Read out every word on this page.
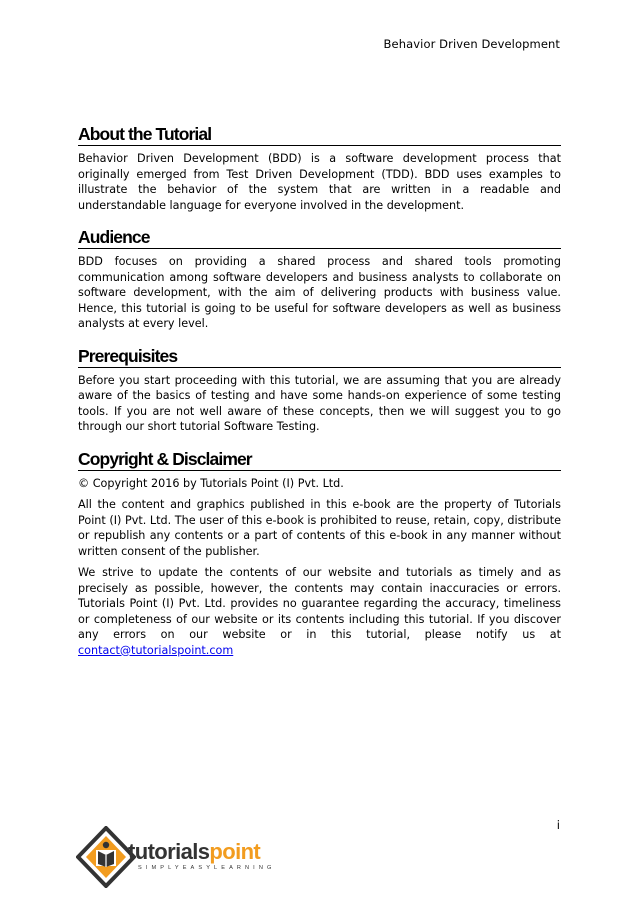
Behavior Driven Development
About the Tutorial

Behavior Driven Development (BDD) is a software development process that originally emerged from Test Driven Development (TDD). BDD uses examples to illustrate the behavior of the system that are written in a readable and understandable language for everyone involved in the development.

Audience

BDD focuses on providing a shared process and shared tools promoting communication among software developers and business analysts to collaborate on software development, with the aim of delivering products with business value. Hence, this tutorial is going to be useful for software developers as well as business analysts at every level.

Prerequisites

Before you start proceeding with this tutorial, we are assuming that you are already aware of the basics of testing and have some hands-on experience of some testing tools. If you are not well aware of these concepts, then we will suggest you to go through our short tutorial Software Testing.

Copyright & Disclaimer

© Copyright 2016 by Tutorials Point (I) Pvt. Ltd.

All the content and graphics published in this e-book are the property of Tutorials Point (I) Pvt. Ltd. The user of this e-book is prohibited to reuse, retain, copy, distribute or republish any contents or a part of contents of this e-book in any manner without written consent of the publisher.

We strive to update the contents of our website and tutorials as timely and as precisely as possible, however, the contents may contain inaccuracies or errors. Tutorials Point (I) Pvt. Ltd. provides no guarantee regarding the accuracy, timeliness or completeness of our website or its contents including this tutorial. If you discover any errors on our website or in this tutorial, please notify us at contact@tutorialspoint.com

i
tutorialspoint
SIMPLYEASYLEARNING
